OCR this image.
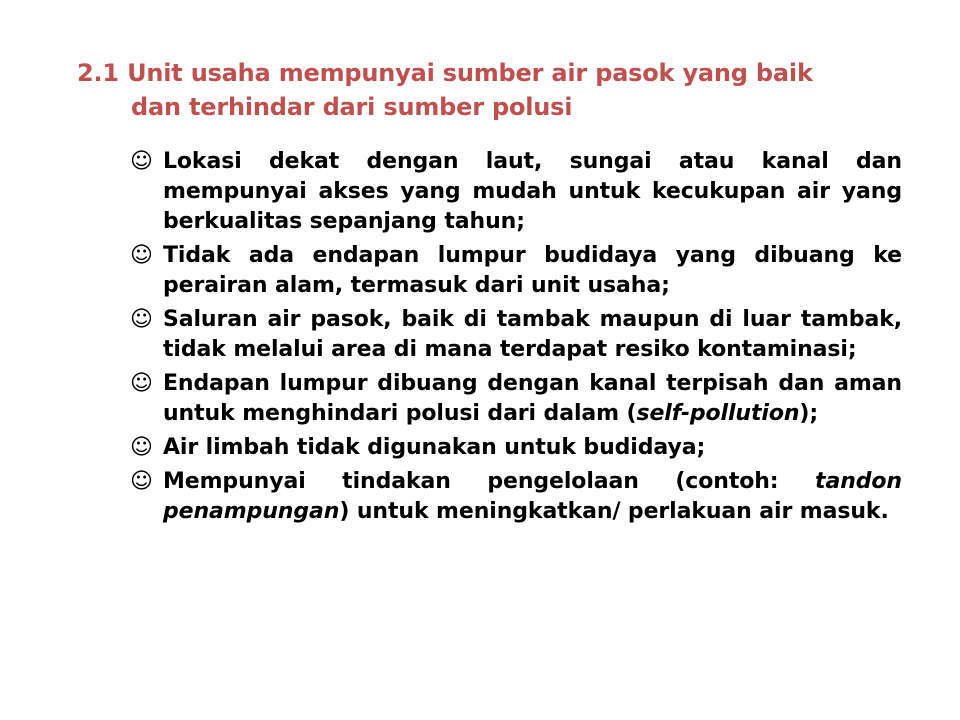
2.1 Unit usaha mempunyai sumber air pasok yang baik
dan terhindar dari sumber polusi
☺ Lokasi dekat dengan laut, sungai atau kanal dan mempunyai akses yang mudah untuk kecukupan air yang berkualitas sepanjang tahun;
☺ Tidak ada endapan lumpur budidaya yang dibuang ke perairan alam, termasuk dari unit usaha;
☺ Saluran air pasok, baik di tambak maupun di luar tambak, tidak melalui area di mana terdapat resiko kontaminasi;
☺ Endapan lumpur dibuang dengan kanal terpisah dan aman untuk menghindari polusi dari dalam (self-pollution);
☺ Air limbah tidak digunakan untuk budidaya;
☺ Mempunyai tindakan pengelolaan (contoh: tandon penampungan) untuk meningkatkan/ perlakuan air masuk.
